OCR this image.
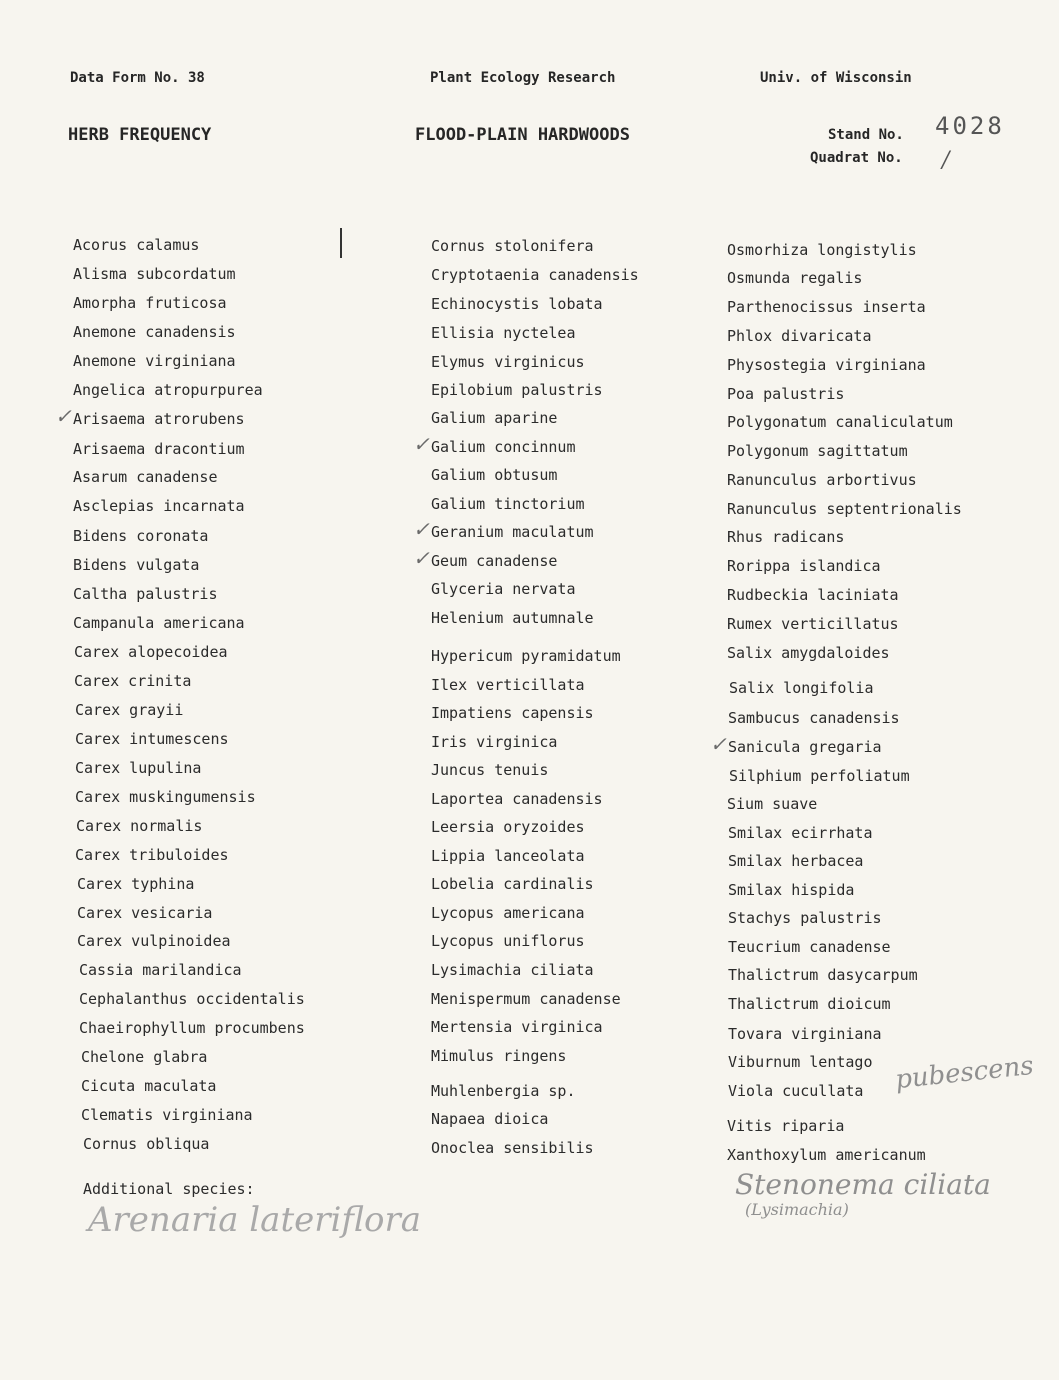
Data Form No. 38	Plant Ecology Research	Univ. of Wisconsin
HERB FREQUENCY	FLOOD-PLAIN HARDWOODS	Stand No. 4028
Quadrat No. /
Acorus calamus
Alisma subcordatum
Amorpha fruticosa
Anemone canadensis
Anemone virginiana
Angelica atropurpurea
Arisaema atrorubens
✓
Arisaema dracontium
Asarum canadense
Asclepias incarnata
Bidens coronata
Bidens vulgata
Caltha palustris
Campanula americana
Carex alopecoidea
Carex crinita
Carex grayii
Carex intumescens
Carex lupulina
Carex muskingumensis
Carex normalis
Carex tribuloides
Carex typhina
Carex vesicaria
Carex vulpinoidea
Cassia marilandica
Cephalanthus occidentalis
Chaeirophyllum procumbens
Chelone glabra
Cicuta maculata
Clematis virginiana
Cornus obliqua
Cornus stolonifera
Cryptotaenia canadensis
Echinocystis lobata
Ellisia nyctelea
Elymus virginicus
Epilobium palustris
Galium aparine
Galium concinnum
✓
Galium obtusum
Galium tinctorium
Geranium maculatum
✓
Geum canadense
✓
Glyceria nervata
Helenium autumnale
Hypericum pyramidatum
Ilex verticillata
Impatiens capensis
Iris virginica
Juncus tenuis
Laportea canadensis
Leersia oryzoides
Lippia lanceolata
Lobelia cardinalis
Lycopus americana
Lycopus uniflorus
Lysimachia ciliata
Menispermum canadense
Mertensia virginica
Mimulus ringens
Muhlenbergia sp.
Napaea dioica
Onoclea sensibilis
Osmorhiza longistylis
Osmunda regalis
Parthenocissus inserta
Phlox divaricata
Physostegia virginiana
Poa palustris
Polygonatum canaliculatum
Polygonum sagittatum
Ranunculus arbortivus
Ranunculus septentrionalis
Rhus radicans
Rorippa islandica
Rudbeckia laciniata
Rumex verticillatus
Salix amygdaloides
Salix longifolia
Sambucus canadensis
Sanicula gregaria
✓
Silphium perfoliatum
Sium suave
Smilax ecirrhata
Smilax herbacea
Smilax hispida
Stachys palustris
Teucrium canadense
Thalictrum dasycarpum
Thalictrum dioicum
Tovara virginiana
Viburnum lentago
Viola cucullata
Vitis riparia
Xanthoxylum americanum
Additional species:
Arenaria lateriflora
Stenonema ciliata
(Lysimachia)
pubescens
